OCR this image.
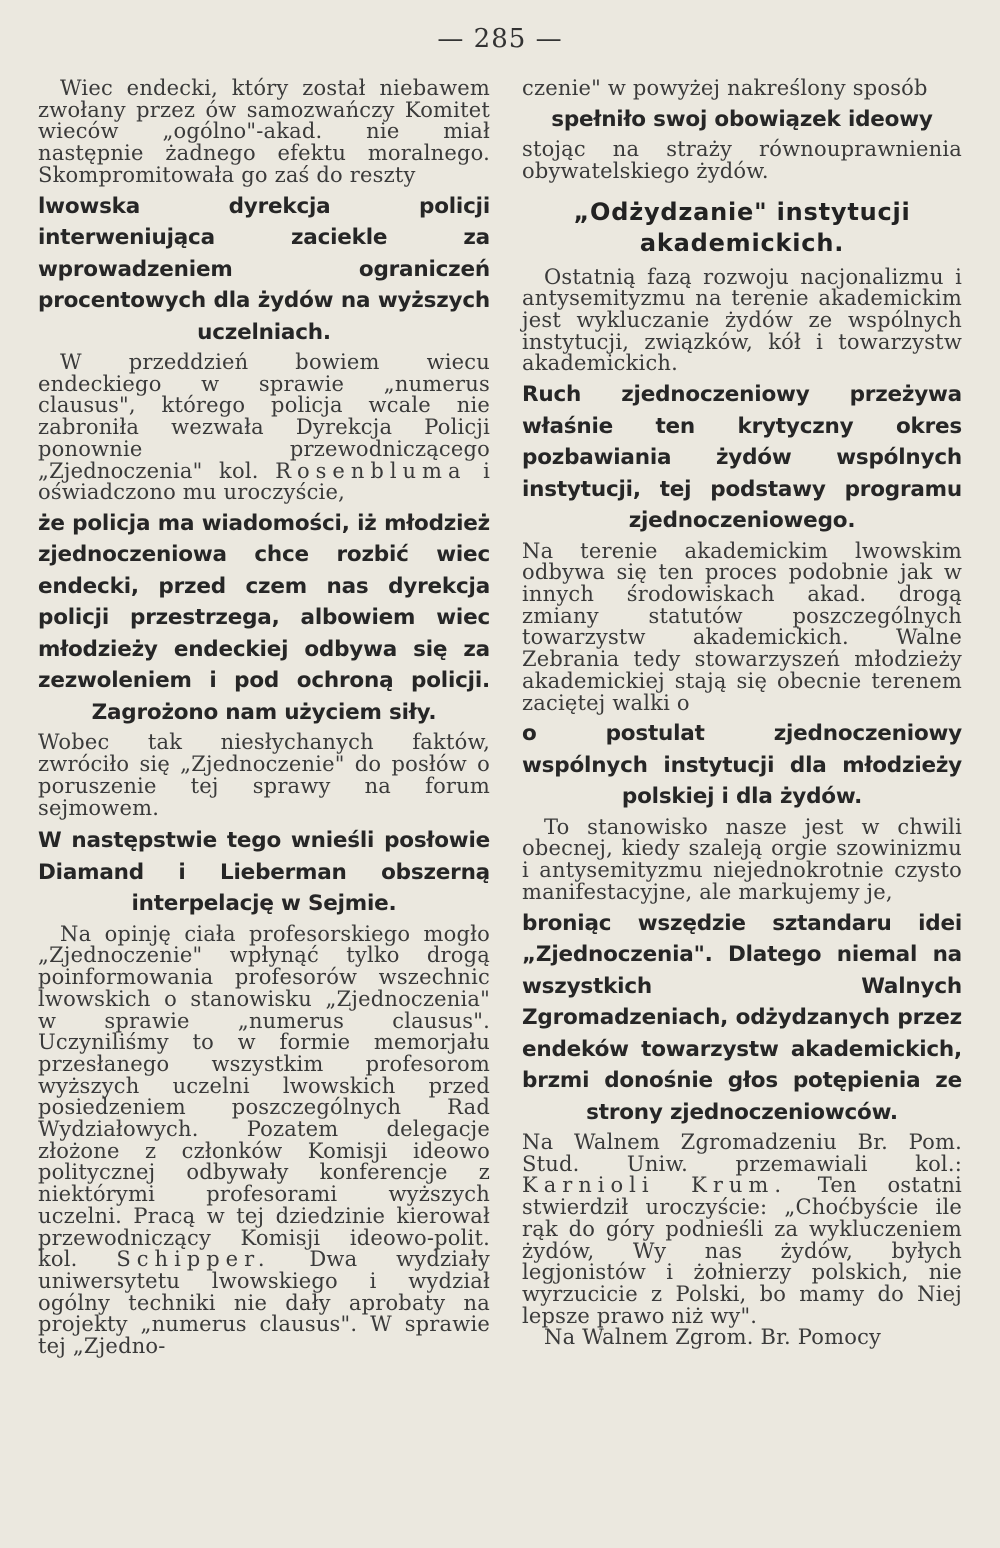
— 285 —

Wiec endecki, który został niebawem zwołany przez ów samozwańczy Komitet wieców „ogólno"-akad. nie miał następnie żadnego efektu moralnego. Skompromitowała go zaś do reszty

lwowska dyrekcja policji interweniująca zaciekle za wprowadzeniem ograniczeń procentowych dla żydów na wyższych uczelniach.

W przeddzień bowiem wiecu endeckiego w sprawie „numerus clausus", którego policja wcale nie zabroniła wezwała Dyrekcja Policji ponownie przewodniczącego „Zjednoczenia" kol. Rosenbluma i oświadczono mu uroczyście,

że policja ma wiadomości, iż młodzież zjednoczeniowa chce rozbić wiec endecki, przed czem nas dyrekcja policji przestrzega, albowiem wiec młodzieży endeckiej odbywa się za zezwoleniem i pod ochroną policji. Zagrożono nam użyciem siły.

Wobec tak niesłychanych faktów, zwróciło się „Zjednoczenie" do posłów o poruszenie tej sprawy na forum sejmowem.

W następstwie tego wnieśli posłowie Diamand i Lieberman obszerną interpelację w Sejmie.

Na opinję ciała profesorskiego mogło „Zjednoczenie" wpłynąć tylko drogą poinformowania profesorów wszechnic lwowskich o stanowisku „Zjednoczenia" w sprawie „numerus clausus". Uczyniliśmy to w formie memorjału przesłanego wszystkim profesorom wyższych uczelni lwowskich przed posiedzeniem poszczególnych Rad Wydziałowych. Pozatem delegacje złożone z członków Komisji ideowo politycznej odbywały konferencje z niektórymi profesorami wyższych uczelni. Pracą w tej dziedzinie kierował przewodniczący Komisji ideowo-polit. kol. Schipper. Dwa wydziały uniwersytetu lwowskiego i wydział ogólny techniki nie dały aprobaty na projekty „numerus clausus". W sprawie tej „Zjedno-

czenie" w powyżej nakreślony sposób

spełniło swoj obowiązek ideowy

stojąc na straży równouprawnienia obywatelskiego żydów.

„Odżydzanie" instytucji akademickich.

Ostatnią fazą rozwoju nacjonalizmu i antysemityzmu na terenie akademickim jest wykluczanie żydów ze wspólnych instytucji, związków, kół i towarzystw akademickich.

Ruch zjednoczeniowy przeżywa właśnie ten krytyczny okres pozbawiania żydów wspólnych instytucji, tej podstawy programu zjednoczeniowego.

Na terenie akademickim lwowskim odbywa się ten proces podobnie jak w innych środowiskach akad. drogą zmiany statutów poszczególnych towarzystw akademickich. Walne Zebrania tedy stowarzyszeń młodzieży akademickiej stają się obecnie terenem zaciętej walki o

o postulat zjednoczeniowy wspólnych instytucji dla młodzieży polskiej i dla żydów.

To stanowisko nasze jest w chwili obecnej, kiedy szaleją orgie szowinizmu i antysemityzmu niejednokrotnie czysto manifestacyjne, ale markujemy je,

broniąc wszędzie sztandaru idei „Zjednoczenia". Dlatego niemal na wszystkich Walnych Zgromadzeniach, odżydzanych przez endeków towarzystw akademickich, brzmi donośnie głos potępienia ze strony zjednoczeniowców.

Na Walnem Zgromadzeniu Br. Pom. Stud. Uniw. przemawiali kol.: Karnioli Krum. Ten ostatni stwierdził uroczyście: „Choćbyście ile rąk do góry podnieśli za wykluczeniem żydów, Wy nas żydów, byłych legjonistów i żołnierzy polskich, nie wyrzucicie z Polski, bo mamy do Niej lepsze prawo niż wy".

Na Walnem Zgrom. Br. Pomocy
